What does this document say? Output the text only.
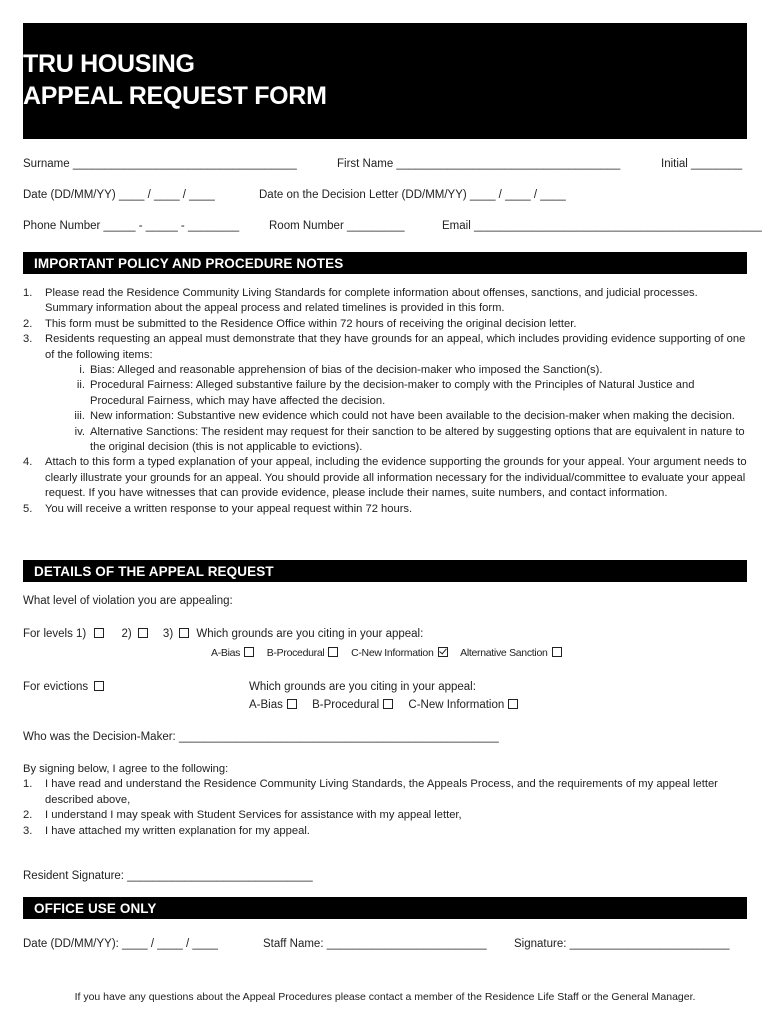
TRU HOUSING
APPEAL REQUEST FORM
Surname ___________________________________	First Name ___________________________________	Initial ________
Date (DD/MM/YY) ____ / ____ / ____	Date on the Decision Letter (DD/MM/YY) ____ / ____ / ____
Phone Number _____ - _____ - ________	Room Number _________	Email _____________________________________________
IMPORTANT POLICY AND PROCEDURE NOTES
1. Please read the Residence Community Living Standards for complete information about offenses, sanctions, and judicial processes. Summary information about the appeal process and related timelines is provided in this form.
2. This form must be submitted to the Residence Office within 72 hours of receiving the original decision letter.
3. Residents requesting an appeal must demonstrate that they have grounds for an appeal, which includes providing evidence supporting of one of the following items:
i. Bias: Alleged and reasonable apprehension of bias of the decision-maker who imposed the Sanction(s).
ii. Procedural Fairness: Alleged substantive failure by the decision-maker to comply with the Principles of Natural Justice and Procedural Fairness, which may have affected the decision.
iii. New information: Substantive new evidence which could not have been available to the decision-maker when making the decision.
iv. Alternative Sanctions: The resident may request for their sanction to be altered by suggesting options that are equivalent in nature to the original decision (this is not applicable to evictions).
4. Attach to this form a typed explanation of your appeal, including the evidence supporting the grounds for your appeal. Your argument needs to clearly illustrate your grounds for an appeal. You should provide all information necessary for the individual/committee to evaluate your appeal request. If you have witnesses that can provide evidence, please include their names, suite numbers, and contact information.
5. You will receive a written response to your appeal request within 72 hours.
DETAILS OF THE APPEAL REQUEST
What level of violation you are appealing:
For levels 1)	2)	3) Which grounds are you citing in your appeal:
A-Bias	B-Procedural	C-New Information	Alternative Sanction
For evictions	Which grounds are you citing in your appeal:
A-Bias	B-Procedural	C-New Information
Who was the Decision-Maker: __________________________________________________
By signing below, I agree to the following:
1. I have read and understand the Residence Community Living Standards, the Appeals Process, and the requirements of my appeal letter described above,
2. I understand I may speak with Student Services for assistance with my appeal letter,
3. I have attached my written explanation for my appeal.
Resident Signature: _____________________________
OFFICE USE ONLY
Date (DD/MM/YY): ____ / ____ / ____	Staff Name: _________________________ Signature: _________________________
If you have any questions about the Appeal Procedures please contact a member of the Residence Life Staff or the General Manager.
